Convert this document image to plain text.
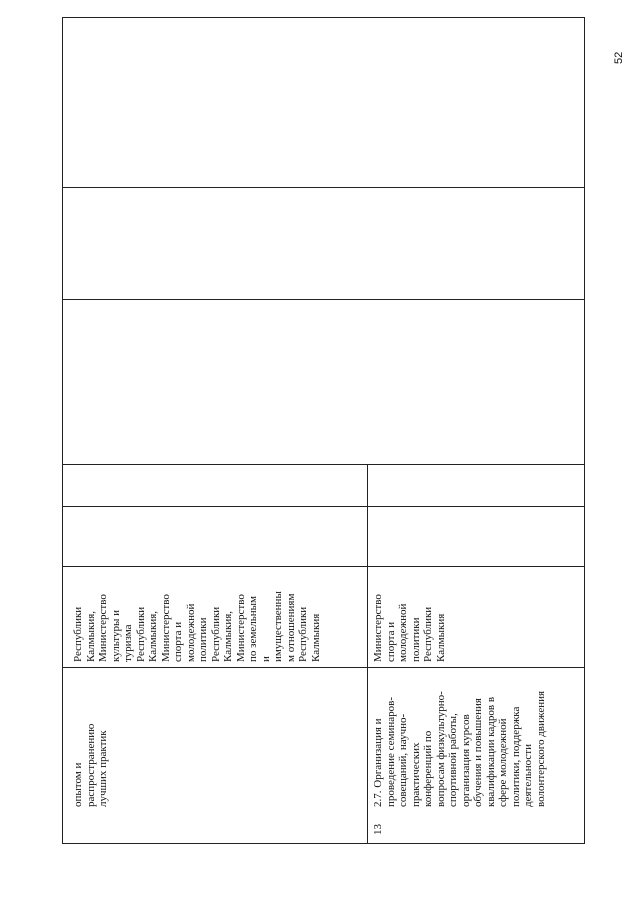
опытом и
распространению
лучших практик
Республики
Калмыкия,
Министерство
культуры и
туризма
Республики
Калмыкия,
Министерство
спорта и
молодежной
политики
Республики
Калмыкия,
Министерство
по земельным
и
имущественны
м отношениям
Республики
Калмыкия
13
2.7. Организация и
проведение семинаров-
совещаний, научно-
практических
конференций по
вопросам физкультурно-
спортивной работы,
организация курсов
обучения и повышения
квалификации кадров в
сфере молодежной
политики, поддержка
деятельности
волонтерского движения
Министерство
спорта и
молодежной
политики
Республики
Калмыкия
52
